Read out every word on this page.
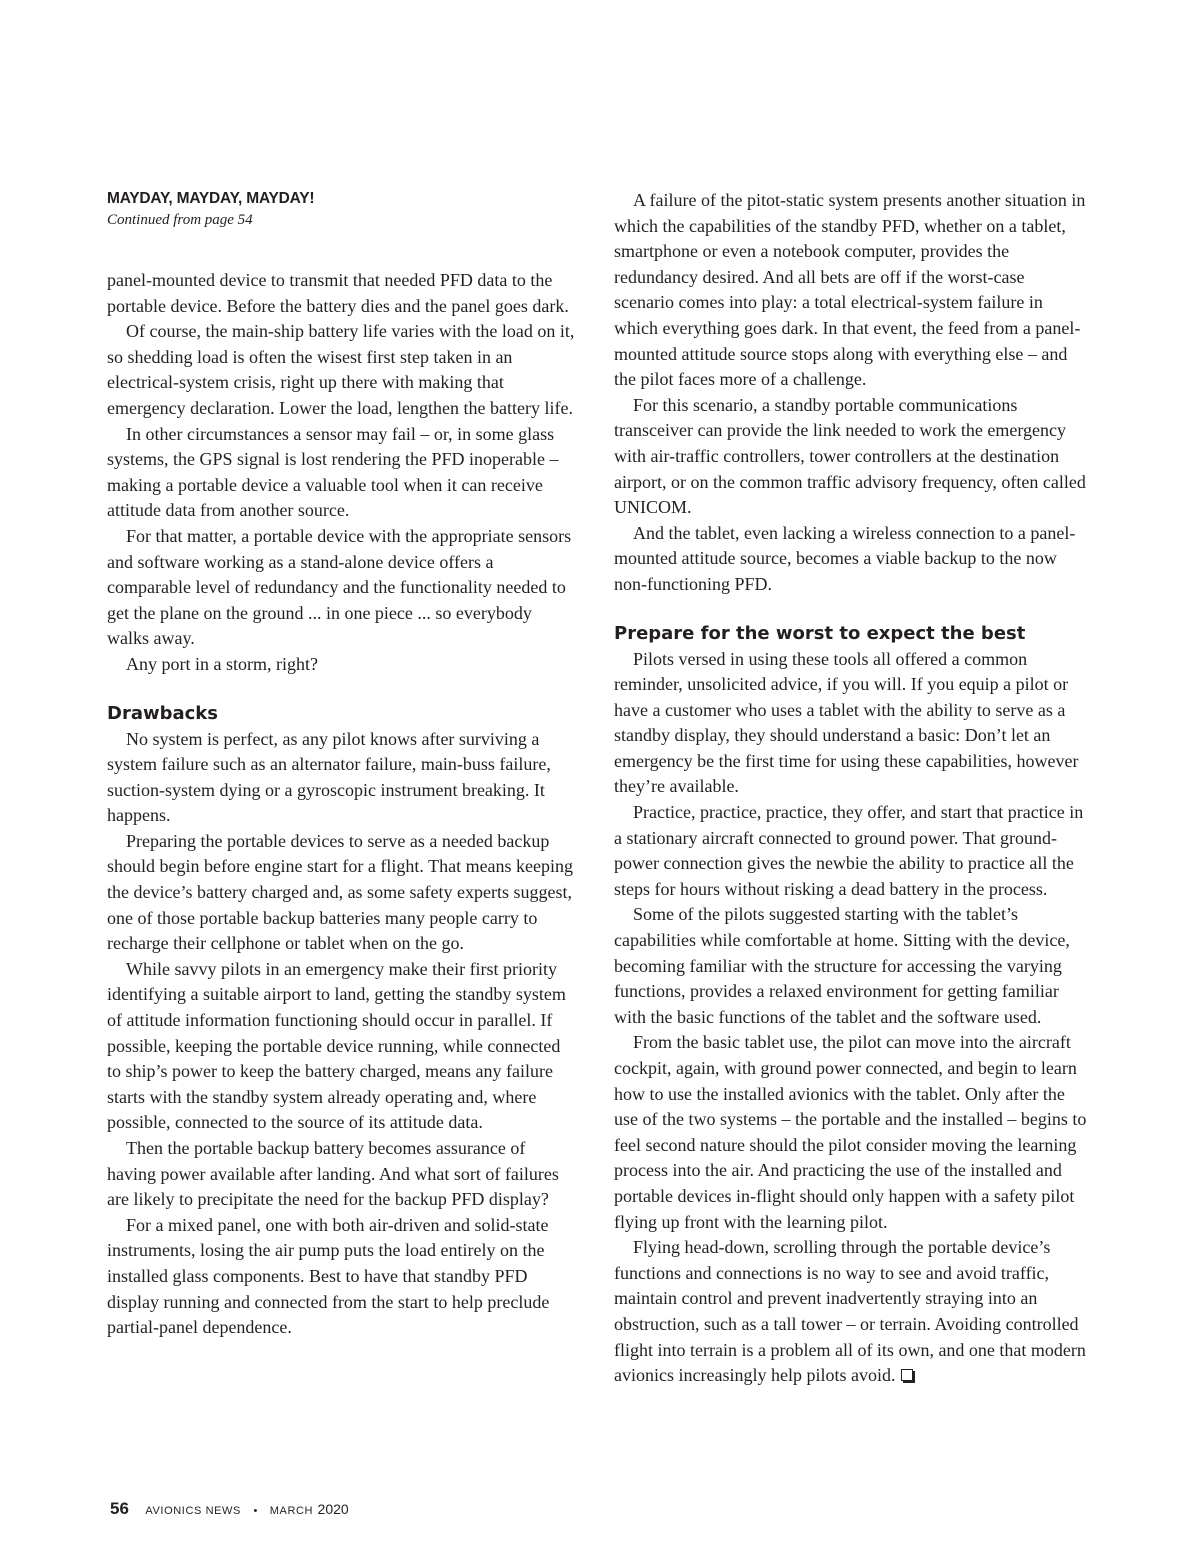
MAYDAY, MAYDAY, MAYDAY!
Continued from page 54

panel-mounted device to transmit that needed PFD data to the portable device. Before the battery dies and the panel goes dark.

Of course, the main-ship battery life varies with the load on it, so shedding load is often the wisest first step taken in an electrical-system crisis, right up there with making that emergency declaration. Lower the load, lengthen the battery life.

In other circumstances a sensor may fail – or, in some glass systems, the GPS signal is lost rendering the PFD inoperable – making a portable device a valuable tool when it can receive attitude data from another source.

For that matter, a portable device with the appropriate sensors and software working as a stand-alone device offers a comparable level of redundancy and the functionality needed to get the plane on the ground ... in one piece ... so everybody walks away.

Any port in a storm, right?

Drawbacks

No system is perfect, as any pilot knows after surviving a system failure such as an alternator failure, main-buss failure, suction-system dying or a gyroscopic instrument breaking. It happens.

Preparing the portable devices to serve as a needed backup should begin before engine start for a flight. That means keeping the device’s battery charged and, as some safety experts suggest, one of those portable backup batteries many people carry to recharge their cellphone or tablet when on the go.

While savvy pilots in an emergency make their first priority identifying a suitable airport to land, getting the standby system of attitude information functioning should occur in parallel. If possible, keeping the portable device running, while connected to ship’s power to keep the battery charged, means any failure starts with the standby system already operating and, where possible, connected to the source of its attitude data.

Then the portable backup battery becomes assurance of having power available after landing. And what sort of failures are likely to precipitate the need for the backup PFD display?

For a mixed panel, one with both air-driven and solid-state instruments, losing the air pump puts the load entirely on the installed glass components. Best to have that standby PFD display running and connected from the start to help preclude partial-panel dependence.

A failure of the pitot-static system presents another situation in which the capabilities of the standby PFD, whether on a tablet, smartphone or even a notebook computer, provides the redundancy desired. And all bets are off if the worst-case scenario comes into play: a total electrical-system failure in which everything goes dark. In that event, the feed from a panel-mounted attitude source stops along with everything else – and the pilot faces more of a challenge.

For this scenario, a standby portable communications transceiver can provide the link needed to work the emergency with air-traffic controllers, tower controllers at the destination airport, or on the common traffic advisory frequency, often called UNICOM.

And the tablet, even lacking a wireless connection to a panel-mounted attitude source, becomes a viable backup to the now non-functioning PFD.

Prepare for the worst to expect the best

Pilots versed in using these tools all offered a common reminder, unsolicited advice, if you will. If you equip a pilot or have a customer who uses a tablet with the ability to serve as a standby display, they should understand a basic: Don’t let an emergency be the first time for using these capabilities, however they’re available.

Practice, practice, practice, they offer, and start that practice in a stationary aircraft connected to ground power. That ground-power connection gives the newbie the ability to practice all the steps for hours without risking a dead battery in the process.

Some of the pilots suggested starting with the tablet’s capabilities while comfortable at home. Sitting with the device, becoming familiar with the structure for accessing the varying functions, provides a relaxed environment for getting familiar with the basic functions of the tablet and the software used.

From the basic tablet use, the pilot can move into the aircraft cockpit, again, with ground power connected, and begin to learn how to use the installed avionics with the tablet. Only after the use of the two systems – the portable and the installed – begins to feel second nature should the pilot consider moving the learning process into the air. And practicing the use of the installed and portable devices in-flight should only happen with a safety pilot flying up front with the learning pilot.

Flying head-down, scrolling through the portable device’s functions and connections is no way to see and avoid traffic, maintain control and prevent inadvertently straying into an obstruction, such as a tall tower – or terrain. Avoiding controlled flight into terrain is a problem all of its own, and one that modern avionics increasingly help pilots avoid.

56 AVIONICS NEWS • MARCH 2020
